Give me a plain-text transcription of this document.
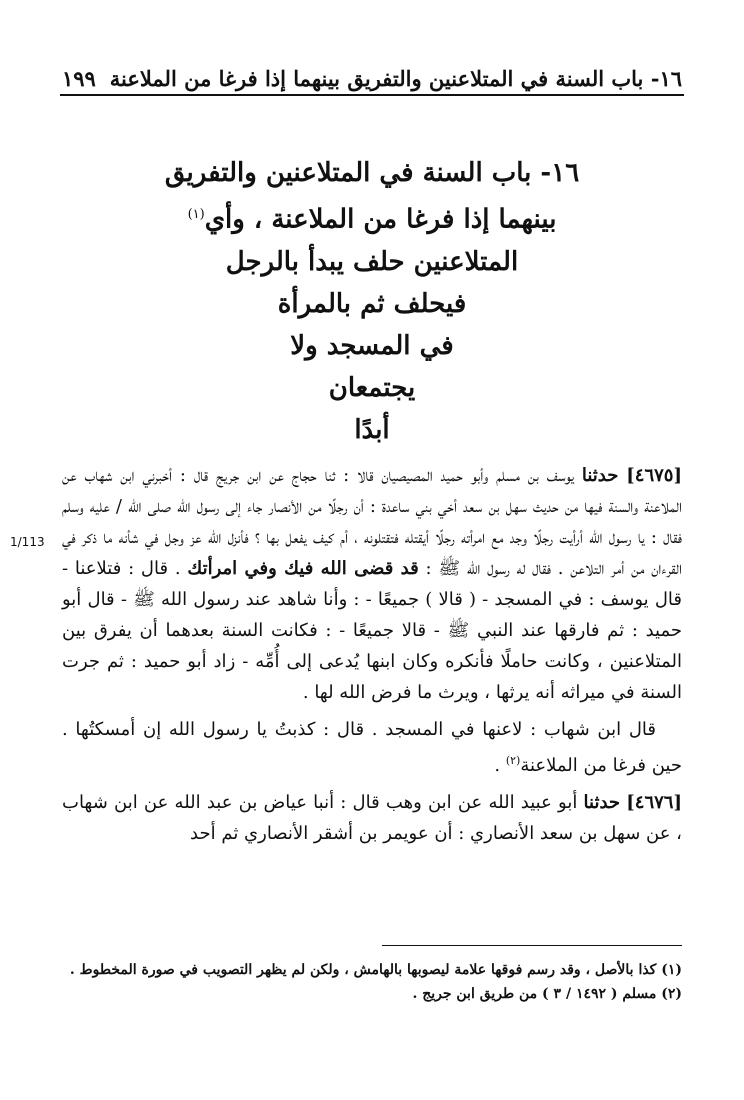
١٩٩ ١٦- باب السنة في المتلاعنين والتفريق بينهما إذا فرغا من الملاعنة
١٦- باب السنة في المتلاعنين والتفريق
بينهما إذا فرغا من الملاعنة ، وأي$^{(١)}$
المتلاعنين حلف يبدأ بالرجل
فيحلف ثم بالمرأة
في المسجد ولا
يجتمعان
أبدًا
1/113

[٤٦٧٥] حدثنا يوسف بن مسلم وأبو حميد المصيصيان قالا : ثنا حجاج عن ابن جريج قال : أخبرني ابن شهاب عن الملاعنة والسنة فيها من حديث سهل بن سعد أخي بني ساعدة : أن رجلًا من الأنصار جاء إلى رسول الله صلى الله / عليه وسلم فقال : يا رسول الله أرأيت رجلًا وجد مع امرأته رجلًا أيقتله فتقتلونه ، أم كيف يفعل بها ؟ فأنزل الله عز وجل في شأنه ما ذكر في القرءان من أمر التلاعن . فقال له رسول الله ﷺ : قد قضى الله فيك وفي امرأتك . قال : فتلاعنا - قال يوسف : في المسجد - ( قالا ) جميعًا - : وأنا شاهد عند رسول الله ﷺ - قال أبو حميد : ثم فارقها عند النبي ﷺ - قالا جميعًا - : فكانت السنة بعدهما أن يفرق بين المتلاعنين ، وكانت حاملًا فأنكره وكان ابنها يُدعى إلى أُمِّه - زاد أبو حميد : ثم جرت السنة في ميراثه أنه يرثها ، ويرث ما فرض الله لها .

قال ابن شهاب : لاعنها في المسجد . قال : كذبتُ يا رسول الله إن أمسكتُها . حين فرغا من الملاعنة$^{(٢)}$ .

[٤٦٧٦] حدثنا أبو عبيد الله عن ابن وهب قال : أنبا عياض بن عبد الله عن ابن شهاب ، عن سهل بن سعد الأنصاري : أن عويمر بن أشقر الأنصاري ثم أحد

(١) كذا بالأصل ، وقد رسم فوقها علامة ليصوبها بالهامش ، ولكن لم يظهر التصويب في صورة المخطوط .

(٢) مسلم ( ١٤٩٢ / ٣ ) من طريق ابن جريج .
